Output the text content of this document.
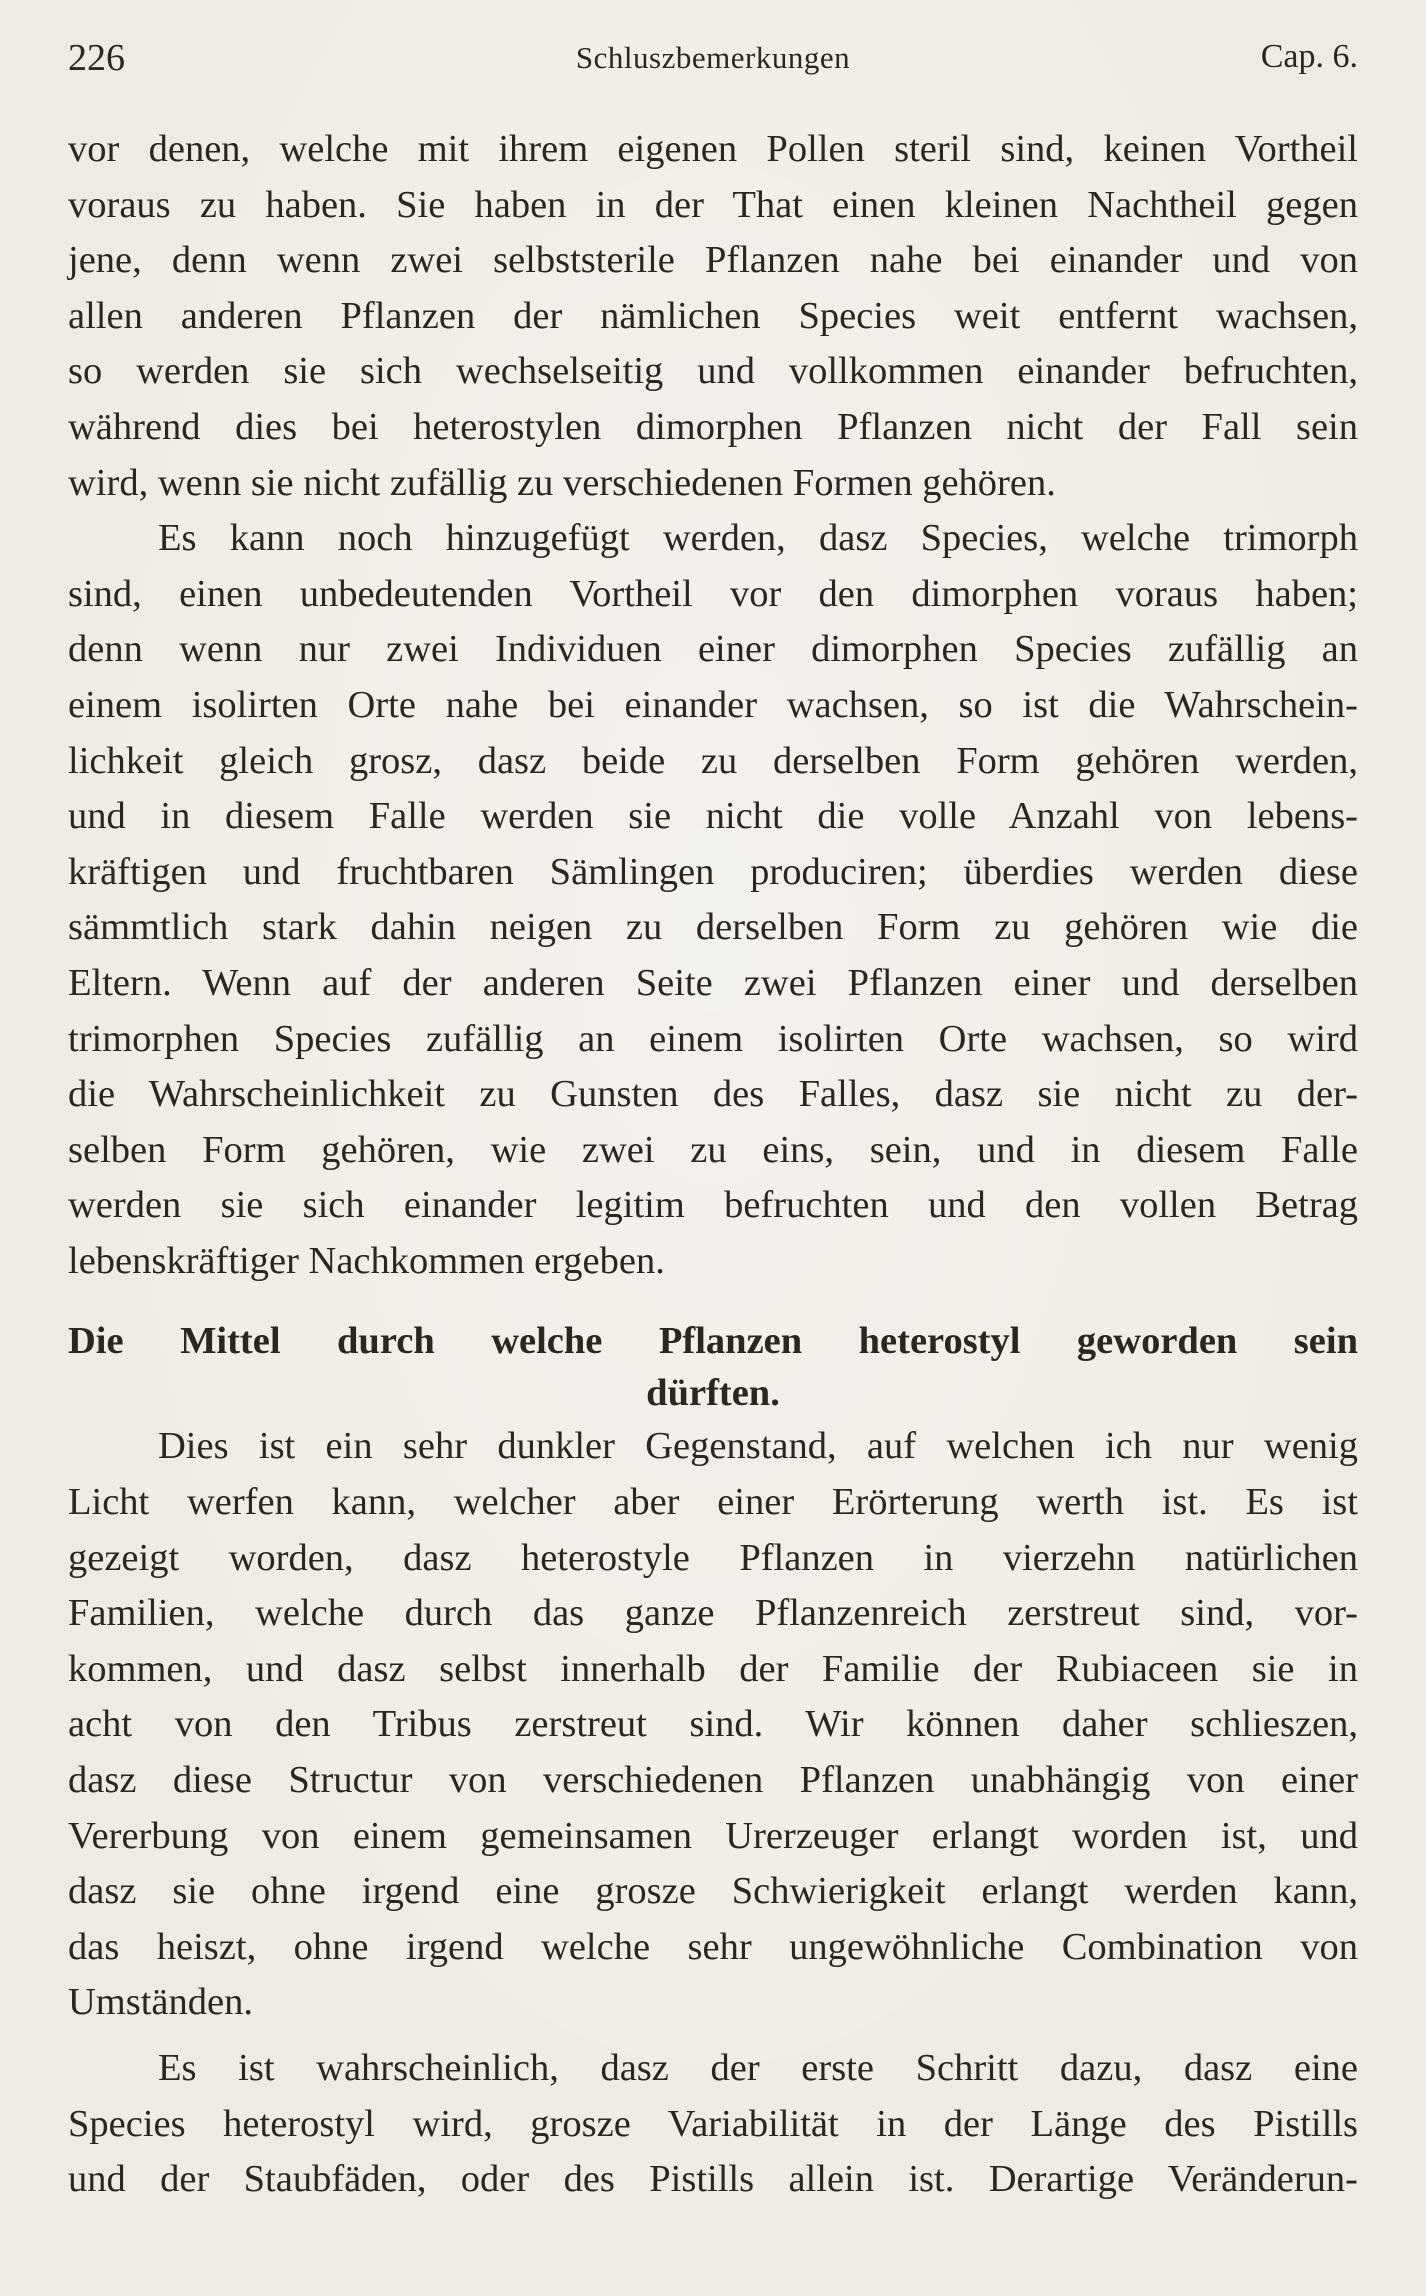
226	Schluszbemerkungen	Cap. 6.
vor denen, welche mit ihrem eigenen Pollen steril sind, keinen Vortheil
voraus zu haben. Sie haben in der That einen kleinen Nachtheil gegen
jene, denn wenn zwei selbststerile Pflanzen nahe bei einander und von
allen anderen Pflanzen der nämlichen Species weit entfernt wachsen,
so werden sie sich wechselseitig und vollkommen einander befruchten,
während dies bei heterostylen dimorphen Pflanzen nicht der Fall sein
wird, wenn sie nicht zufällig zu verschiedenen Formen gehören.
Es kann noch hinzugefügt werden, dasz Species, welche trimorph
sind, einen unbedeutenden Vortheil vor den dimorphen voraus haben;
denn wenn nur zwei Individuen einer dimorphen Species zufällig an
einem isolirten Orte nahe bei einander wachsen, so ist die Wahrschein-
lichkeit gleich grosz, dasz beide zu derselben Form gehören werden,
und in diesem Falle werden sie nicht die volle Anzahl von lebens-
kräftigen und fruchtbaren Sämlingen produciren; überdies werden diese
sämmtlich stark dahin neigen zu derselben Form zu gehören wie die
Eltern. Wenn auf der anderen Seite zwei Pflanzen einer und derselben
trimorphen Species zufällig an einem isolirten Orte wachsen, so wird
die Wahrscheinlichkeit zu Gunsten des Falles, dasz sie nicht zu der-
selben Form gehören, wie zwei zu eins, sein, und in diesem Falle
werden sie sich einander legitim befruchten und den vollen Betrag
lebenskräftiger Nachkommen ergeben.
Die Mittel durch welche Pflanzen heterostyl geworden sein
dürften.
Dies ist ein sehr dunkler Gegenstand, auf welchen ich nur wenig
Licht werfen kann, welcher aber einer Erörterung werth ist. Es ist
gezeigt worden, dasz heterostyle Pflanzen in vierzehn natürlichen
Familien, welche durch das ganze Pflanzenreich zerstreut sind, vor-
kommen, und dasz selbst innerhalb der Familie der Rubiaceen sie in
acht von den Tribus zerstreut sind. Wir können daher schlieszen,
dasz diese Structur von verschiedenen Pflanzen unabhängig von einer
Vererbung von einem gemeinsamen Urerzeuger erlangt worden ist, und
dasz sie ohne irgend eine grosze Schwierigkeit erlangt werden kann,
das heiszt, ohne irgend welche sehr ungewöhnliche Combination von
Umständen.
Es ist wahrscheinlich, dasz der erste Schritt dazu, dasz eine
Species heterostyl wird, grosze Variabilität in der Länge des Pistills
und der Staubfäden, oder des Pistills allein ist. Derartige Veränderun-
